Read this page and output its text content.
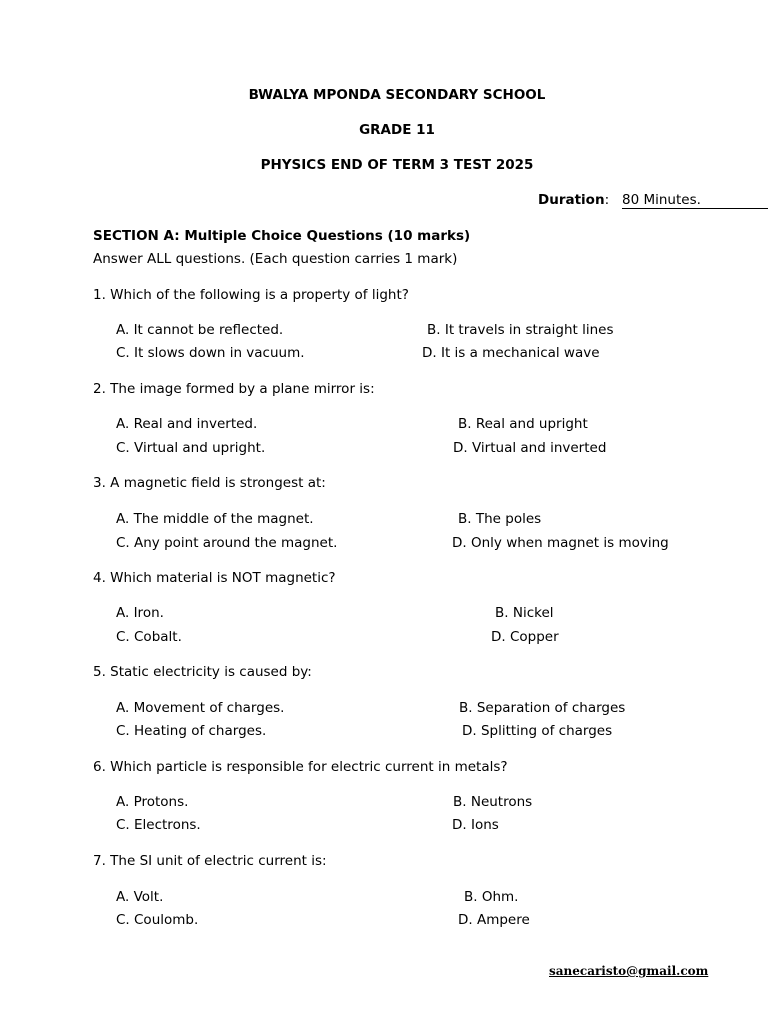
BWALYA MPONDA SECONDARY SCHOOL
GRADE 11
PHYSICS END OF TERM 3 TEST 2025
Duration: 80 Minutes.
SECTION A: Multiple Choice Questions (10 marks)
Answer ALL questions. (Each question carries 1 mark)
1. Which of the following is a property of light?
A. It cannot be reflected.	B. It travels in straight lines
C. It slows down in vacuum.	D. It is a mechanical wave
2. The image formed by a plane mirror is:
A. Real and inverted.	B. Real and upright
C. Virtual and upright.	D. Virtual and inverted
3. A magnetic field is strongest at:
A. The middle of the magnet.	B. The poles
C. Any point around the magnet.	D. Only when magnet is moving
4. Which material is NOT magnetic?
A. Iron.	B. Nickel
C. Cobalt.	D. Copper
5. Static electricity is caused by:
A. Movement of charges.	B. Separation of charges
C. Heating of charges.	D. Splitting of charges
6. Which particle is responsible for electric current in metals?
A. Protons.	B. Neutrons
C. Electrons.	D. Ions
7. The SI unit of electric current is:
A. Volt.	B. Ohm.
C. Coulomb.	D. Ampere
sanecaristo@gmail.com
